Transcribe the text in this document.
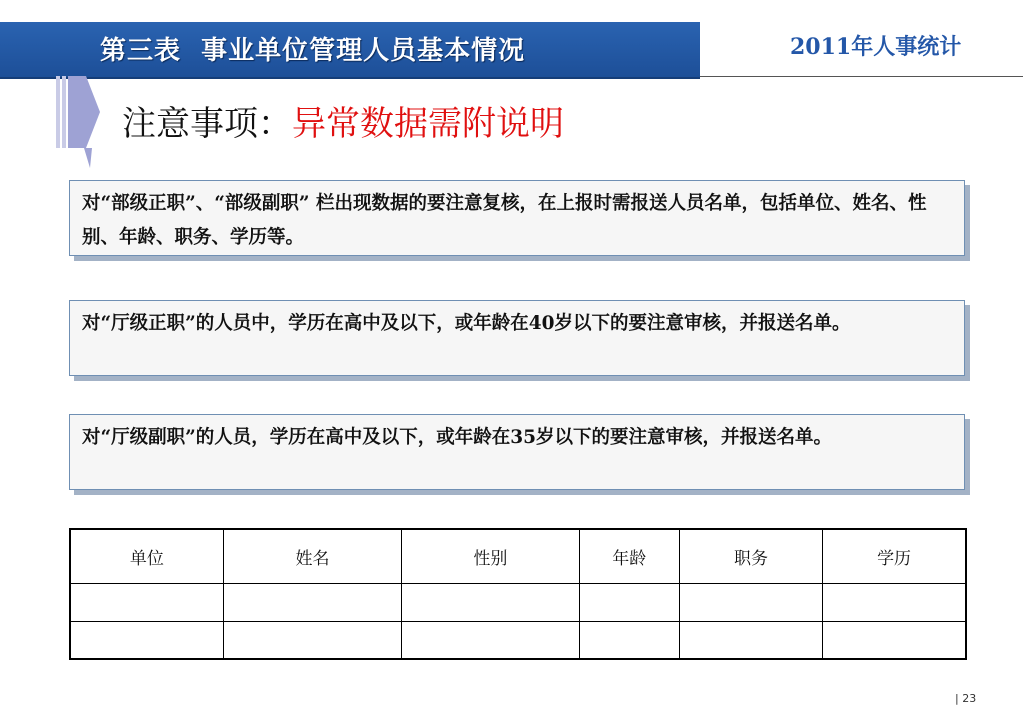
第三表  事业单位管理人员基本情况	2011年人事统计
注意事项：异常数据需附说明
对“部级正职”、“部级副职” 栏出现数据的要注意复核，在上报时需报送人员名单，包括单位、姓名、性别、年龄、职务、学历等。
对“厅级正职”的人员中，学历在高中及以下，或年龄在40岁以下的要注意审核，并报送名单。
对“厅级副职”的人员，学历在高中及以下，或年龄在35岁以下的要注意审核，并报送名单。
单位	姓名	性别	年龄	职务	学历

| 23
